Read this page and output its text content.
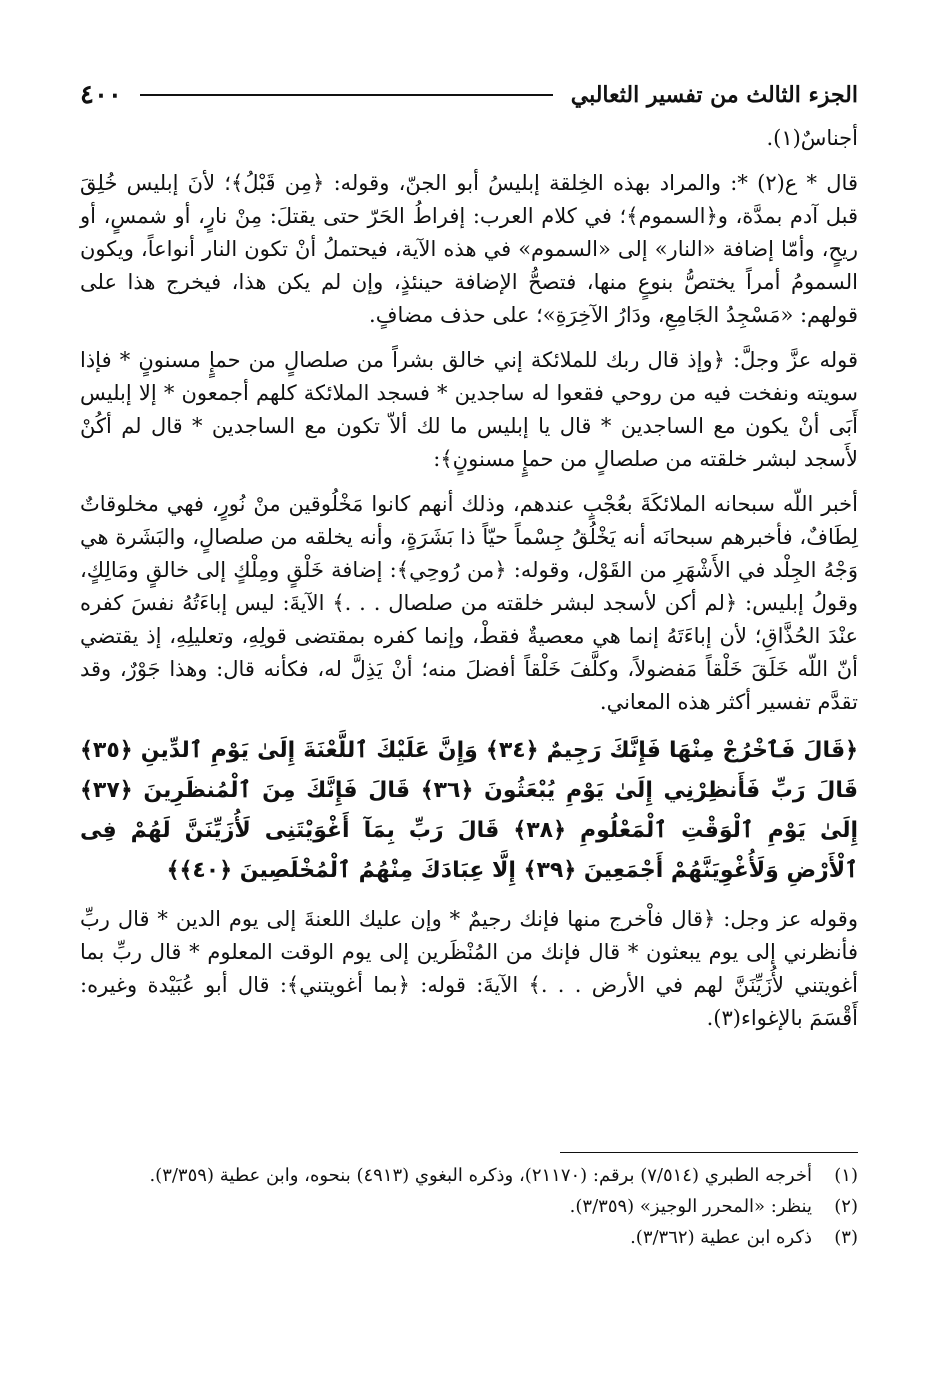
الجزء الثالث من تفسير الثعالبي
٤٠٠

أجناسٌ(١).

قال * ع(٢) *: والمراد بهذه الخِلقة إبليسُ أبو الجنّ، وقوله: ﴿مِن قَبْلُ﴾؛ لأنَ إبليس خُلِقَ قبل آدم بمدَّة، و﴿السموم﴾؛ في كلام العرب: إفراطُ الحَرّ حتى يقتلَ: مِنْ نارٍ، أو شمسٍ، أو ريحٍ، وأمّا إضافة «النار» إلى «السموم» في هذه الآية، فيحتملُ أنْ تكون النار أنواعاً، ويكون السمومُ أمراً يختصُّ بنوعٍ منها، فتصحُّ الإضافة حينئذٍ، وإن لم يكن هذا، فيخرج هذا على قولهم: «مَسْجِدُ الجَامِعِ، ودَارُ الآخِرَةِ»؛ على حذف مضافٍ.

قوله عزَّ وجلَّ: ﴿وإذ قال ربك للملائكة إني خالق بشراً من صلصالٍ من حمإٍ مسنونٍ * فإذا سويته ونفخت فيه من روحي فقعوا له ساجدين * فسجد الملائكة كلهم أجمعون * إلا إبليس أَبَى أنْ يكون مع الساجدين * قال يا إبليس ما لك ألاّ تكون مع الساجدين * قال لم أكُنْ لأَسجد لبشر خلقته من صلصالٍ من حمإٍ مسنونٍ﴾:

أخبر اللّه سبحانه الملائكَةَ بعُجْبٍ عندهم، وذلك أنهم كانوا مَخْلُوقين منْ نُورٍ، فهي مخلوقاتٌ لِطَافٌ، فأخبرهم سبحانَه أنه يَخْلُقُ جِسْماً حيّاً ذا بَشَرَةٍ، وأنه يخلقه من صلصالٍ، والبَشَرة هي وَجْهُ الجِلْد في الأَشْهَرِ من القَوْل، وقوله: ﴿من رُوحِي﴾: إضافة خَلْقٍ ومِلْكٍ إلى خالقٍ ومَالِكٍ، وقولُ إبليس: ﴿لم أكن لأسجد لبشر خلقته من صلصال . . .﴾ الآيةَ: ليس إباءَتُهُ نفسَ كفره عنْدَ الحُذَّاقِ؛ لأن إباءَتَهُ إنما هي معصيةٌ فقطْ، وإنما كفره بمقتضى قولِهِ، وتعليلِهِ، إذ يقتضي أنّ اللّه خَلَقَ خَلْقاً مَفضولاً، وكلَّفَ خَلْقاً أفضلَ منه؛ أنْ يَذِلَّ له، فكأنه قال: وهذا جَوْرٌ، وقد تقدَّم تفسير أكثر هذه المعاني.

﴿قَالَ فَٱخْرُجْ مِنْهَا فَإِنَّكَ رَجِيمٌ ﴿٣٤﴾ وَإِنَّ عَلَيْكَ ٱللَّعْنَةَ إِلَىٰ يَوْمِ ٱلدِّينِ ﴿٣٥﴾ قَالَ رَبِّ فَأَنظِرْنِي إِلَىٰ يَوْمِ يُبْعَثُونَ ﴿٣٦﴾ قَالَ فَإِنَّكَ مِنَ ٱلْمُنظَرِينَ ﴿٣٧﴾ إِلَىٰ يَوْمِ ٱلْوَقْتِ ٱلْمَعْلُومِ ﴿٣٨﴾ قَالَ رَبِّ بِمَآ أَغْوَيْتَنِى لَأُزَيِّنَنَّ لَهُمْ فِى ٱلْأَرْضِ وَلَأُغْوِيَنَّهُمْ أَجْمَعِينَ ﴿٣٩﴾ إِلَّا عِبَادَكَ مِنْهُمُ ٱلْمُخْلَصِينَ ﴿٤٠﴾﴾

وقوله عز وجل: ﴿قال فاْخرج منها فإنك رجيمٌ * وإن عليك اللعنةَ إلى يوم الدين * قال ربِّ فأنظرني إلى يوم يبعثون * قال فإنك من المُنْظَرين إلى يوم الوقت المعلوم * قال ربِّ بما أغويتني لأُزَيِّنَنَّ لهم في الأرض . . .﴾ الآيةَ: قوله: ﴿بما أغويتني﴾: قال أبو عُبَيْدة وغيره: أَقْسَمَ بالإغواء(٣).

(١)
أخرجه الطبري (٧/٥١٤) برقم: (٢١١٧٠)، وذكره البغوي (٤٩١٣) بنحوه، وابن عطية (٣/٣٥٩).
(٢)
ينظر: «المحرر الوجيز» (٣/٣٥٩).
(٣)
ذكره ابن عطية (٣/٣٦٢).
